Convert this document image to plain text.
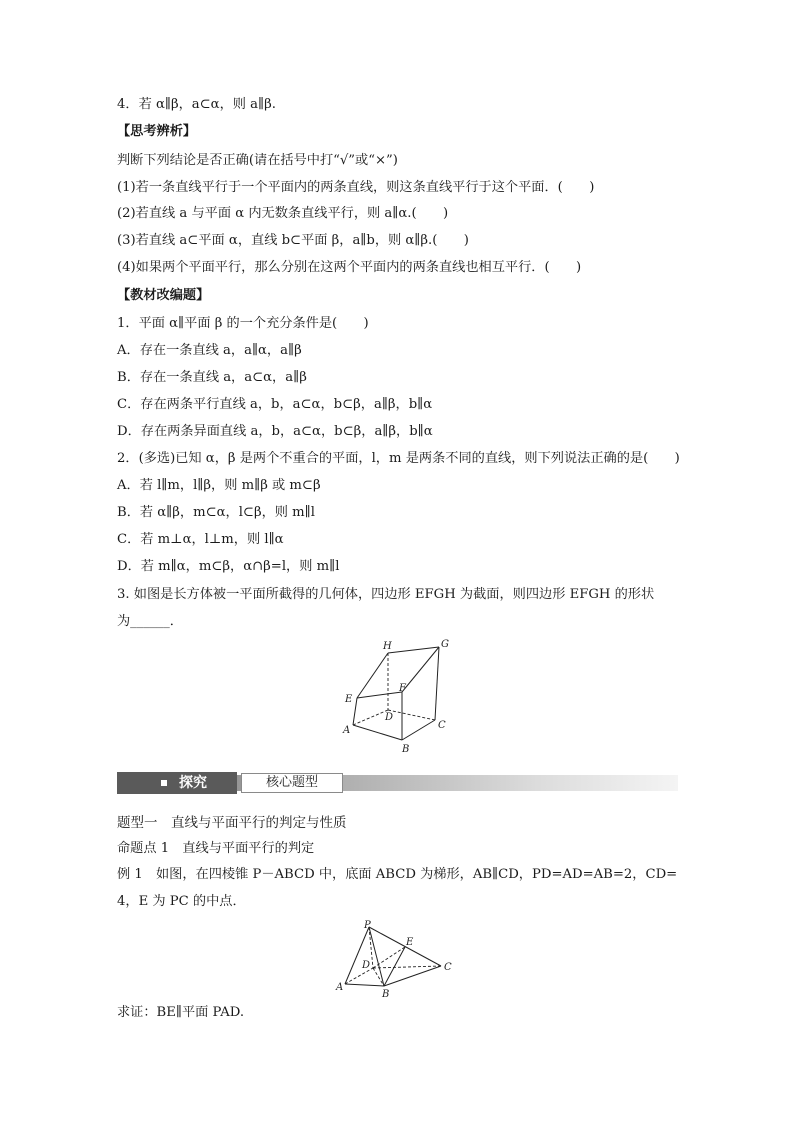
4．若 α∥β，a⊂α，则 a∥β.
【思考辨析】
判断下列结论是否正确(请在括号中打“√”或“×”)
(1)若一条直线平行于一个平面内的两条直线，则这条直线平行于这个平面．(　　)
(2)若直线 a 与平面 α 内无数条直线平行，则 a∥α.(　　)
(3)若直线 a⊂平面 α，直线 b⊂平面 β，a∥b，则 α∥β.(　　)
(4)如果两个平面平行，那么分别在这两个平面内的两条直线也相互平行．(　　)
【教材改编题】
1．平面 α∥平面 β 的一个充分条件是(　　)
A．存在一条直线 a，a∥α，a∥β
B．存在一条直线 a，a⊂α，a∥β
C．存在两条平行直线 a，b，a⊂α，b⊂β，a∥β，b∥α
D．存在两条异面直线 a，b，a⊂α，b⊂β，a∥β，b∥α
2．(多选)已知 α，β 是两个不重合的平面，l，m 是两条不同的直线，则下列说法正确的是(　　)
A．若 l∥m，l∥β，则 m∥β 或 m⊂β
B．若 α∥β，m⊂α，l⊂β，则 m∥l
C．若 m⊥α，l⊥m，则 l∥α
D．若 m∥α，m⊂β，α∩β=l，则 m∥l
3. 如图是长方体被一平面所截得的几何体，四边形 EFGH 为截面，则四边形 EFGH 的形状
为______．
H	G
E
F
D
C
A
B
探究	核心题型
题型一　直线与平面平行的判定与性质
命题点 1　直线与平面平行的判定
例 1　如图，在四棱锥 P－ABCD 中，底面 ABCD 为梯形，AB∥CD，PD=AD=AB=2，CD=
4，E 为 PC 的中点．
P
E
D	C
A
B
求证：BE∥平面 PAD.
